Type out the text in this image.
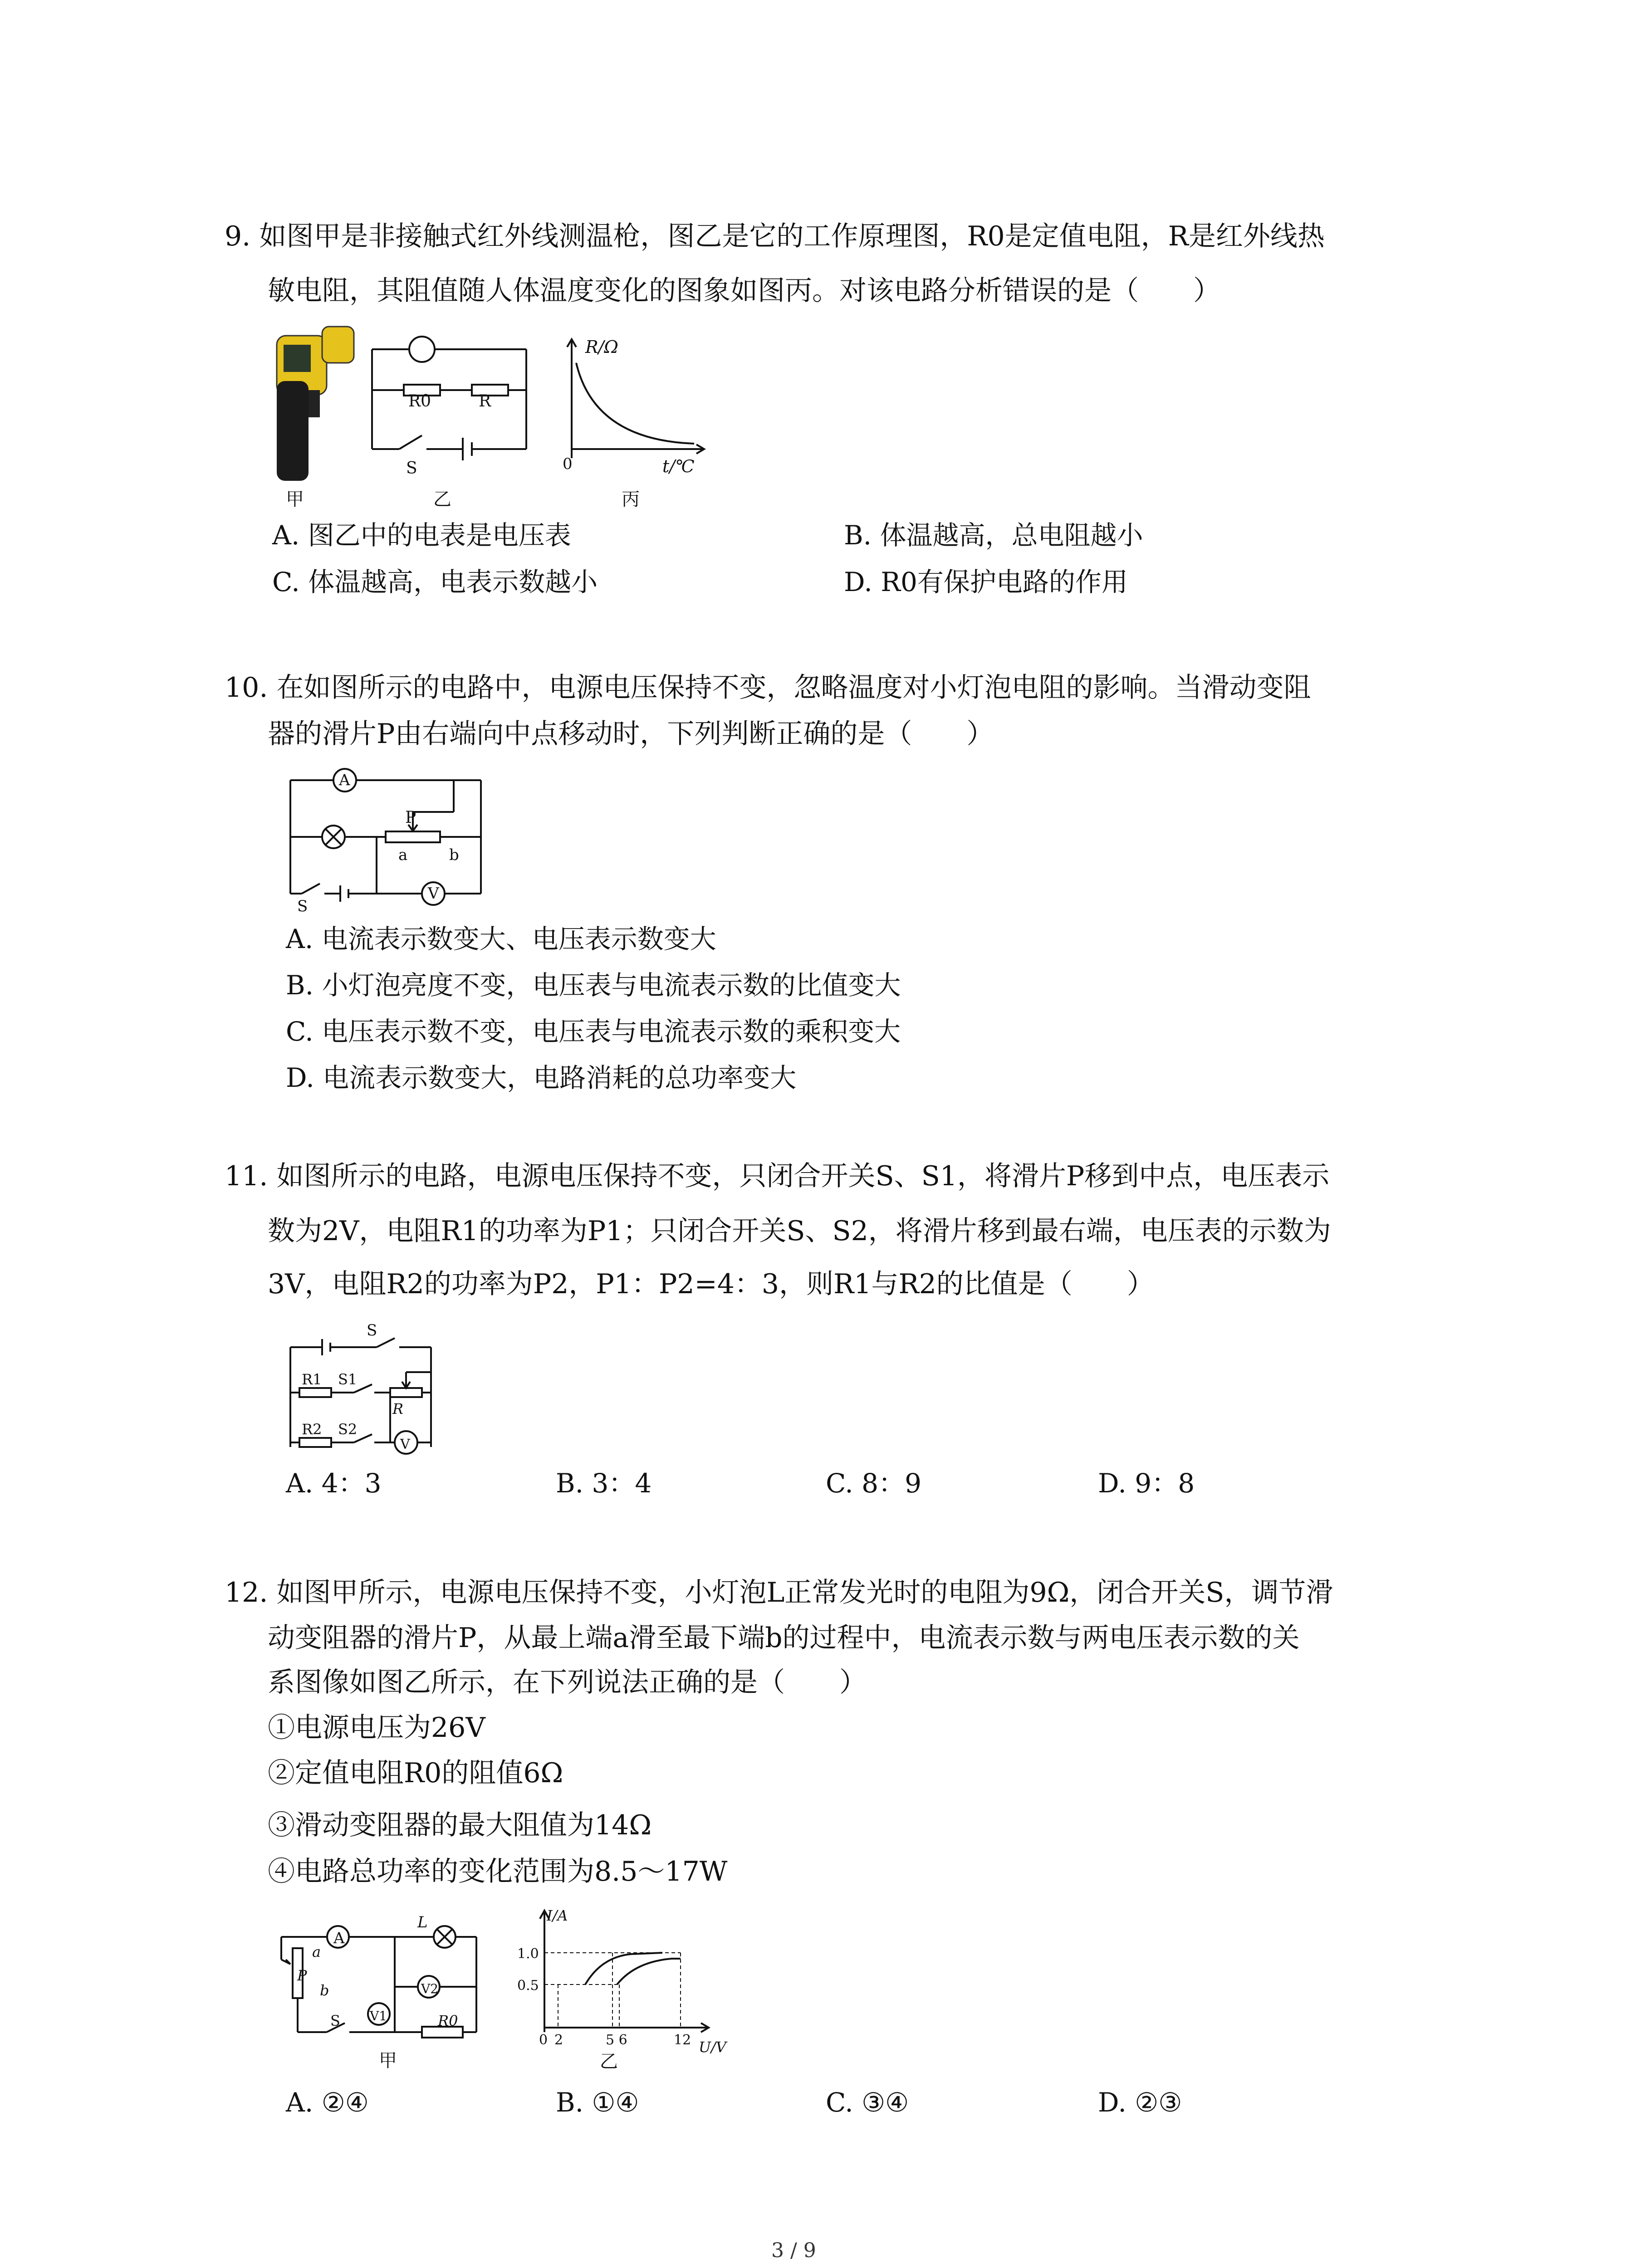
9. 如图甲是非接触式红外线测温枪，图乙是它的工作原理图，R0是定值电阻，R是红外线热
敏电阻，其阻值随人体温度变化的图象如图丙。对该电路分析错误的是（　　）
甲
R0	R
S
乙
R/Ω
0	t/℃
丙
A. 图乙中的电表是电压表	B. 体温越高，总电阻越小
C. 体温越高，电表示数越小	D. R0有保护电路的作用
10. 在如图所示的电路中，电源电压保持不变，忽略温度对小灯泡电阻的影响。当滑动变阻
器的滑片P由右端向中点移动时，下列判断正确的是（　　）
A
P
a	b
V
S
A. 电流表示数变大、电压表示数变大
B. 小灯泡亮度不变，电压表与电流表示数的比值变大
C. 电压表示数不变，电压表与电流表示数的乘积变大
D. 电流表示数变大，电路消耗的总功率变大
11. 如图所示的电路，电源电压保持不变，只闭合开关S、S1，将滑片P移到中点，电压表示
数为2V，电阻R1的功率为P1；只闭合开关S、S2，将滑片移到最右端，电压表的示数为
3V，电阻R2的功率为P2，P1：P2=4：3，则R1与R2的比值是（　　）
S
R1 S1
R
R2 S2
V
A. 4：3	B. 3：4	C. 8：9	D. 9：8
12. 如图甲所示，电源电压保持不变，小灯泡L正常发光时的电阻为9Ω，闭合开关S，调节滑
动变阻器的滑片P，从最上端a滑至最下端b的过程中，电流表示数与两电压表示数的关
系图像如图乙所示，在下列说法正确的是（　　）
①电源电压为26V
②定值电阻R0的阻值6Ω
③滑动变阻器的最大阻值为14Ω
④电路总功率的变化范围为8.5～17W
A
L
a
P
b	V2
V1
S	R0
甲
I/A
1.0
0.5
0 2	5 6	12 U/V
乙
A. ②④	B. ①④	C. ③④	D. ②③
3 / 9
